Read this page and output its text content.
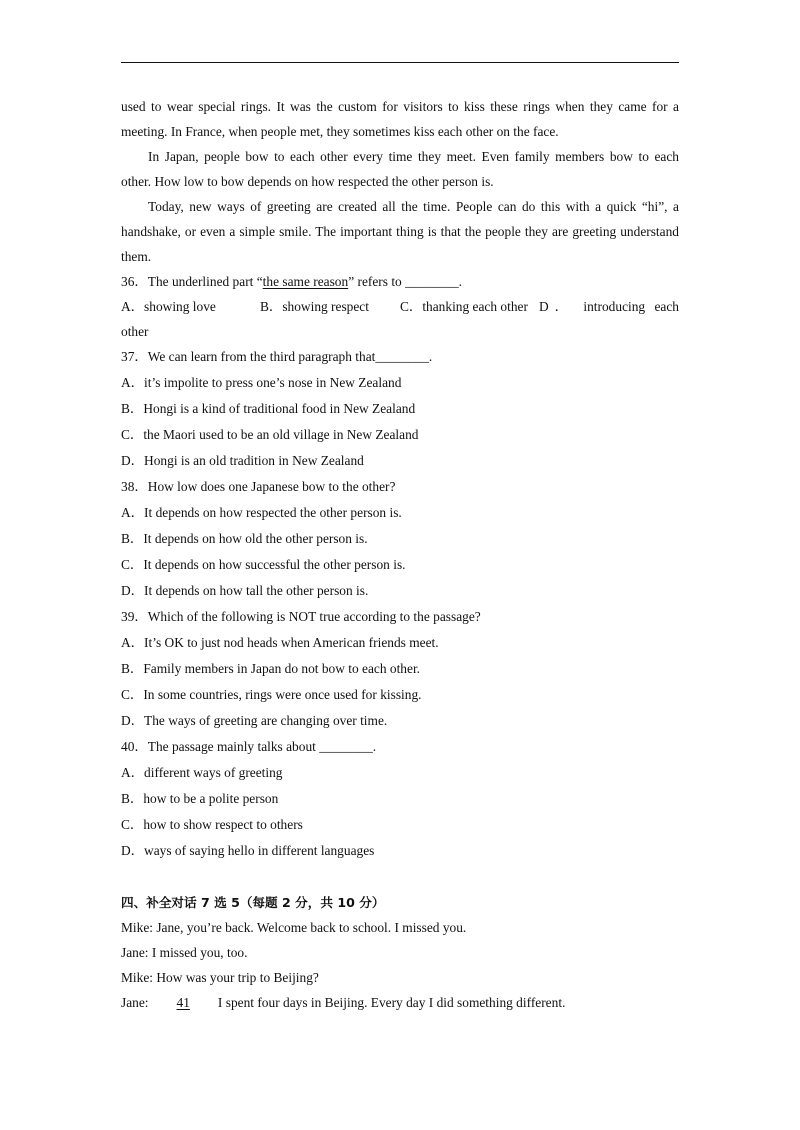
used to wear special rings. It was the custom for visitors to kiss these rings when they came for a
meeting. In France, when people met, they sometimes kiss each other on the face.
In Japan, people bow to each other every time they meet. Even family members bow to each
other. How low to bow depends on how respected the other person is.
Today, new ways of greeting are created all the time. People can do this with a quick “hi”, a
handshake, or even a simple smile. The important thing is that the people they are greeting understand
them.
36．The underlined part “the same reason” refers to ________.
A．showing love	B．showing respect	C．thanking each other D． introducing each
other
37．We can learn from the third paragraph that________.
A．it’s impolite to press one’s nose in New Zealand
B．Hongi is a kind of traditional food in New Zealand
C．the Maori used to be an old village in New Zealand
D．Hongi is an old tradition in New Zealand
38．How low does one Japanese bow to the other?
A．It depends on how respected the other person is.
B．It depends on how old the other person is.
C．It depends on how successful the other person is.
D．It depends on how tall the other person is.
39．Which of the following is NOT true according to the passage?
A．It’s OK to just nod heads when American friends meet.
B．Family members in Japan do not bow to each other.
C．In some countries, rings were once used for kissing.
D．The ways of greeting are changing over time.
40．The passage mainly talks about ________.
A．different ways of greeting
B．how to be a polite person
C．how to show respect to others
D．ways of saying hello in different languages
四、补全对话 7 选 5（每题 2 分，共 10 分）
Mike: Jane, you’re back. Welcome back to school. I missed you.
Jane: I missed you, too.
Mike: How was your trip to Beijing?
Jane: 41 I spent four days in Beijing. Every day I did something different.
